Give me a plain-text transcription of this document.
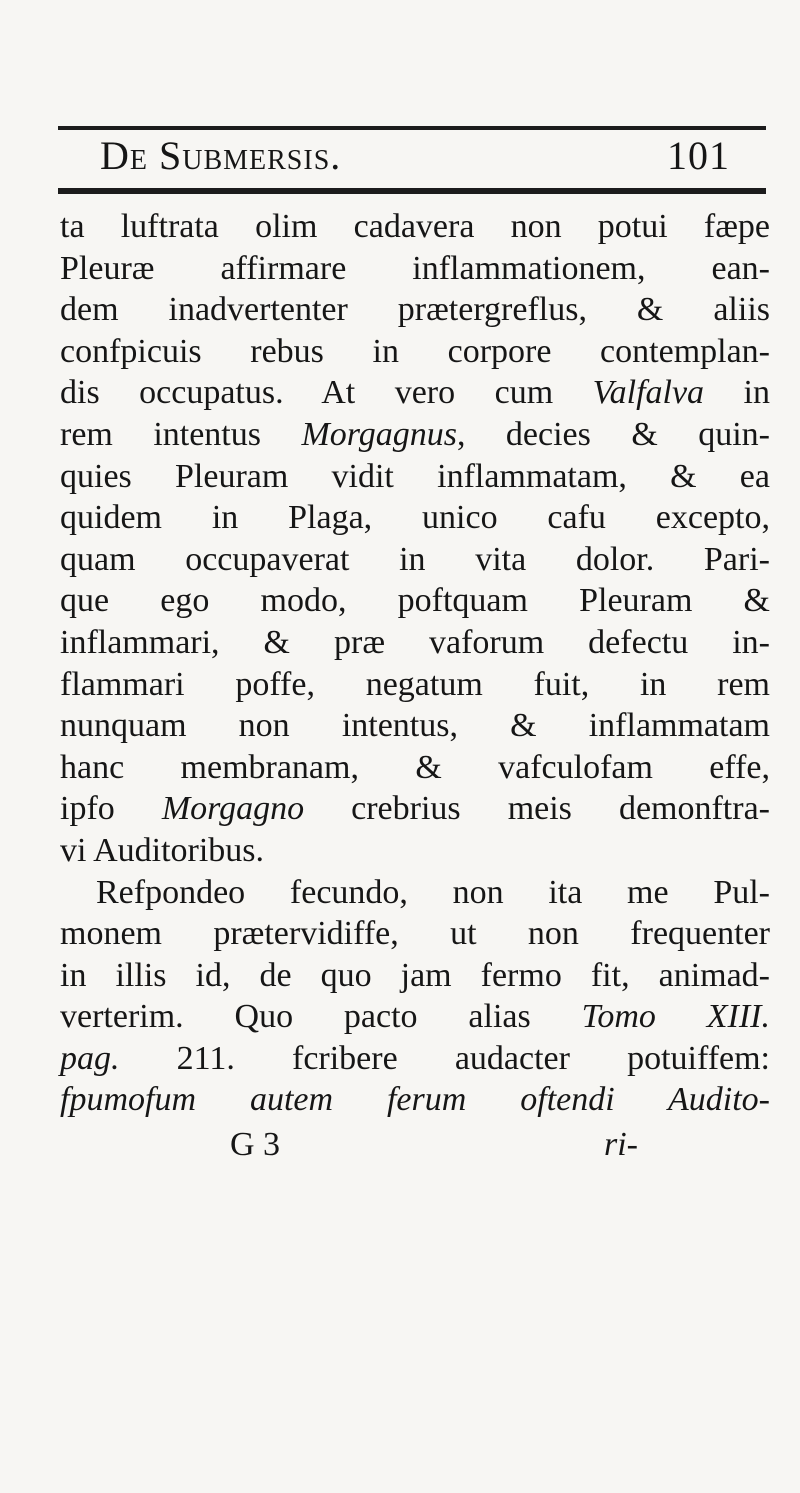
De Submersis.	101
ta luftrata olim cadavera non potui fæpe
Pleuræ affirmare inflammationem, ean-
dem inadvertenter prætergreflus, & aliis
confpicuis rebus in corpore contemplan-
dis occupatus. At vero cum Valfalva in
rem intentus Morgagnus, decies & quin-
quies Pleuram vidit inflammatam, & ea
quidem in Plaga, unico cafu excepto,
quam occupaverat in vita dolor. Pari-
que ego modo, poftquam Pleuram &
inflammari, & præ vaforum defectu in-
flammari poffe, negatum fuit, in rem
nunquam non intentus, & inflammatam
hanc membranam, & vafculofam effe,
ipfo Morgagno crebrius meis demonftra-
vi Auditoribus.
Refpondeo fecundo, non ita me Pul-
monem prætervidiffe, ut non frequenter
in illis id, de quo jam fermo fit, animad-
verterim. Quo pacto alias Tomo XIII.
pag. 211. fcribere audacter potuiffem:
fpumofum autem ferum oftendi Audito-
G 3	ri-
